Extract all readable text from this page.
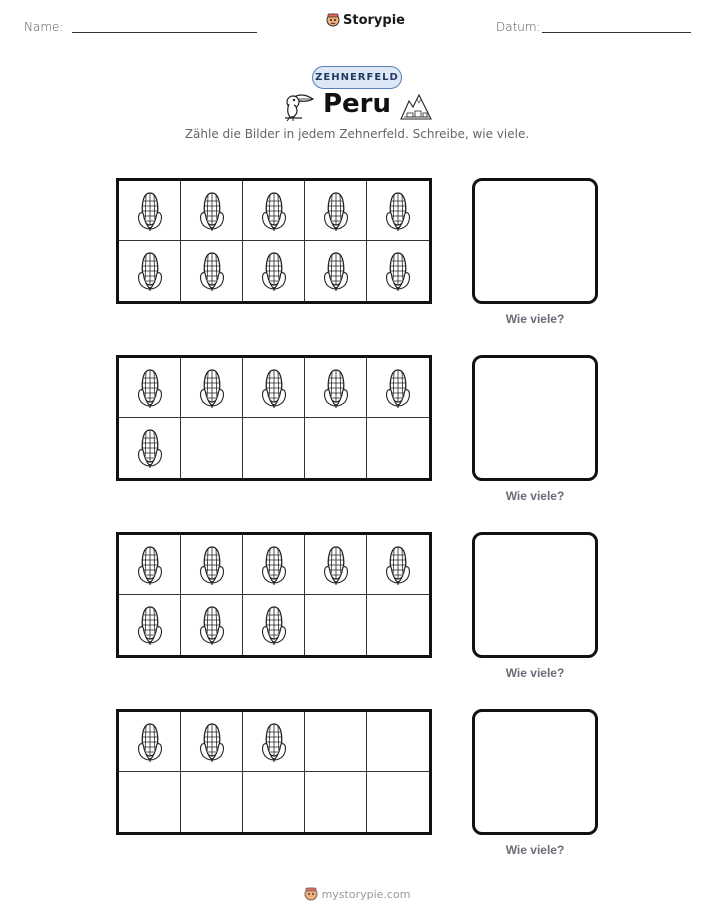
Name:	Storypie	Datum:
ZEHNERFELD
Peru
Zähle die Bilder in jedem Zehnerfeld. Schreibe, wie viele.
Wie viele?
Wie viele?
Wie viele?
Wie viele?
mystorypie.com
